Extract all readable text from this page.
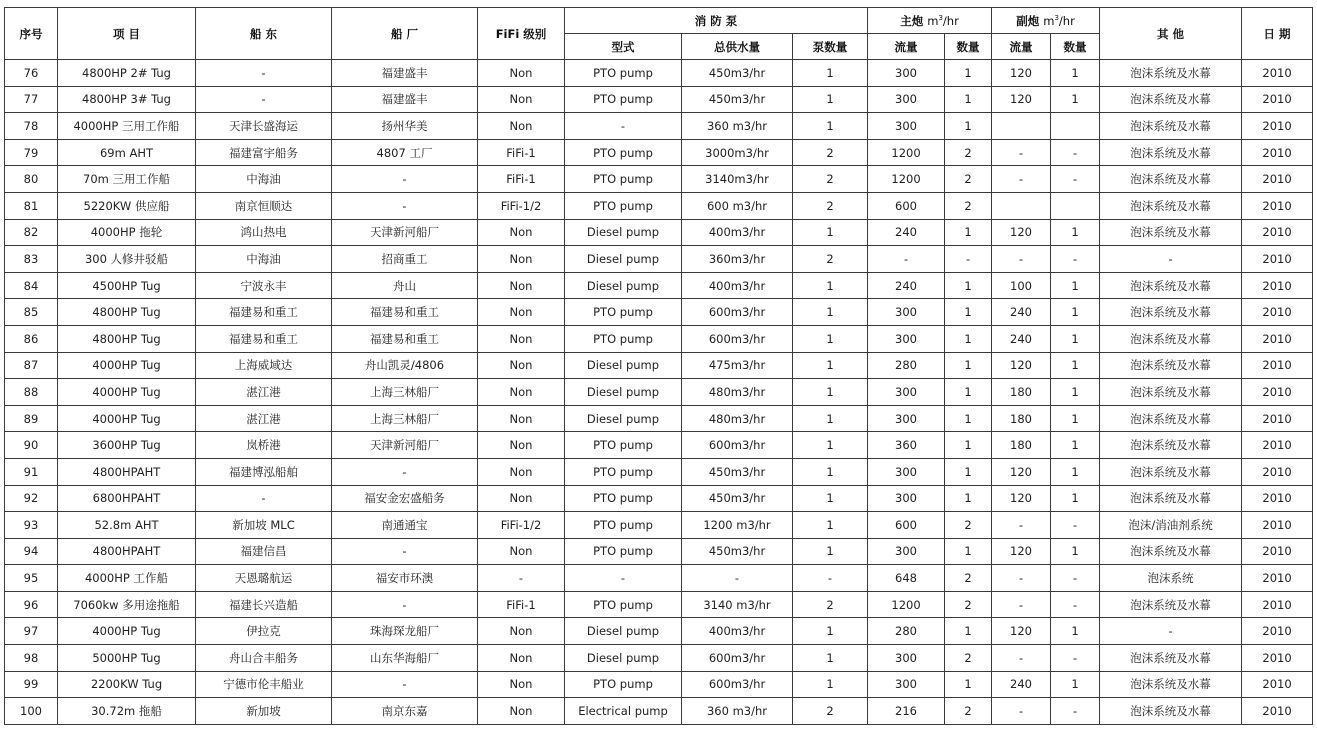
序号	项 目	船 东	船 厂	FiFi 级别	消 防 泵			主炮 $m^3/hr$		副炮 $m^3/hr$		其 他	日 期
					型式	总供水量	泵数量	流量	数量	流量	数量		
76	4800HP 2# Tug	-	福建盛丰	Non	PTO pump	450m3/hr	1	300	1	120	1	泡沫系统及水幕	2010
77	4800HP 3# Tug	-	福建盛丰	Non	PTO pump	450m3/hr	1	300	1	120	1	泡沫系统及水幕	2010
78	4000HP 三用工作船	天津长盛海运	扬州华美	Non	-	360 m3/hr	1	300	1			泡沫系统及水幕	2010
79	69m AHT	福建富宇船务	4807 工厂	FiFi-1	PTO pump	3000m3/hr	2	1200	2	-	-	泡沫系统及水幕	2010
80	70m 三用工作船	中海油	-	FiFi-1	PTO pump	3140m3/hr	2	1200	2	-	-	泡沫系统及水幕	2010
81	5220KW 供应船	南京恒顺达	-	FiFi-1/2	PTO pump	600 m3/hr	2	600	2			泡沫系统及水幕	2010
82	4000HP 拖轮	鸿山热电	天津新河船厂	Non	Diesel pump	400m3/hr	1	240	1	120	1	泡沫系统及水幕	2010
83	300 人修井驳船	中海油	招商重工	Non	Diesel pump	360m3/hr	2	-	-	-	-	-	2010
84	4500HP Tug	宁波永丰	舟山	Non	Diesel pump	400m3/hr	1	240	1	100	1	泡沫系统及水幕	2010
85	4800HP Tug	福建易和重工	福建易和重工	Non	PTO pump	600m3/hr	1	300	1	240	1	泡沫系统及水幕	2010
86	4800HP Tug	福建易和重工	福建易和重工	Non	PTO pump	600m3/hr	1	300	1	240	1	泡沫系统及水幕	2010
87	4000HP Tug	上海威域达	舟山凯灵/4806	Non	Diesel pump	475m3/hr	1	280	1	120	1	泡沫系统及水幕	2010
88	4000HP Tug	湛江港	上海三林船厂	Non	Diesel pump	480m3/hr	1	300	1	180	1	泡沫系统及水幕	2010
89	4000HP Tug	湛江港	上海三林船厂	Non	Diesel pump	480m3/hr	1	300	1	180	1	泡沫系统及水幕	2010
90	3600HP Tug	岚桥港	天津新河船厂	Non	PTO pump	600m3/hr	1	360	1	180	1	泡沫系统及水幕	2010
91	4800HPAHT	福建博泓船舶	-	Non	PTO pump	450m3/hr	1	300	1	120	1	泡沫系统及水幕	2010
92	6800HPAHT	-	福安金宏盛船务	Non	PTO pump	450m3/hr	1	300	1	120	1	泡沫系统及水幕	2010
93	52.8m AHT	新加坡 MLC	南通通宝	FiFi-1/2	PTO pump	1200 m3/hr	1	600	2	-	-	泡沫/消油剂系统	2010
94	4800HPAHT	福建信昌	-	Non	PTO pump	450m3/hr	1	300	1	120	1	泡沫系统及水幕	2010
95	4000HP 工作船	天恩璐航运	福安市环澳	-	-	-	-	648	2	-	-	泡沫系统	2010
96	7060kw 多用途拖船	福建长兴造船	-	FiFi-1	PTO pump	3140 m3/hr	2	1200	2	-	-	泡沫系统及水幕	2010
97	4000HP Tug	伊拉克	珠海琛龙船厂	Non	Diesel pump	400m3/hr	1	280	1	120	1	-	2010
98	5000HP Tug	舟山合丰船务	山东华海船厂	Non	Diesel pump	600m3/hr	1	300	2	-	-	泡沫系统及水幕	2010
99	2200KW Tug	宁德市伦丰船业	-	Non	PTO pump	600m3/hr	1	300	1	240	1	泡沫系统及水幕	2010
100	30.72m 拖船	新加坡	南京东嘉	Non	Electrical pump	360 m3/hr	2	216	2	-	-	泡沫系统及水幕	2010
